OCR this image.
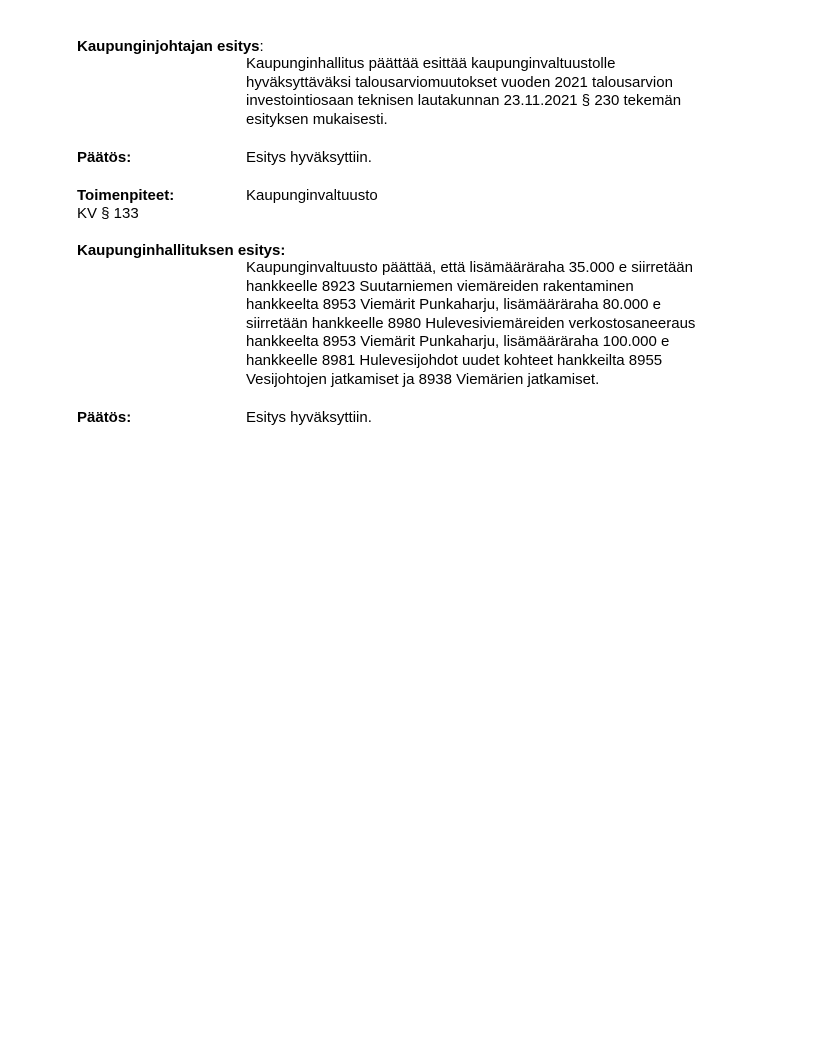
Kaupunginjohtajan esitys:
Kaupunginhallitus päättää esittää kaupunginvaltuustolle
hyväksyttäväksi talousarviomuutokset vuoden 2021 talousarvion
investointiosaan teknisen lautakunnan 23.11.2021 § 230 tekemän
esityksen mukaisesti.
Päätös:	Esitys hyväksyttiin.
Toimenpiteet:
KV § 133
Kaupunginvaltuusto
Kaupunginhallituksen esitys:
Kaupunginvaltuusto päättää, että lisämääräraha 35.000 e siirretään
hankkeelle 8923 Suutarniemen viemäreiden rakentaminen
hankkeelta 8953 Viemärit Punkaharju, lisämääräraha 80.000 e
siirretään hankkeelle 8980 Hulevesiviemäreiden verkostosaneeraus
hankkeelta 8953 Viemärit Punkaharju, lisämääräraha 100.000 e
hankkeelle 8981 Hulevesijohdot uudet kohteet hankkeilta 8955
Vesijohtojen jatkamiset ja 8938 Viemärien jatkamiset.
Päätös:	Esitys hyväksyttiin.
